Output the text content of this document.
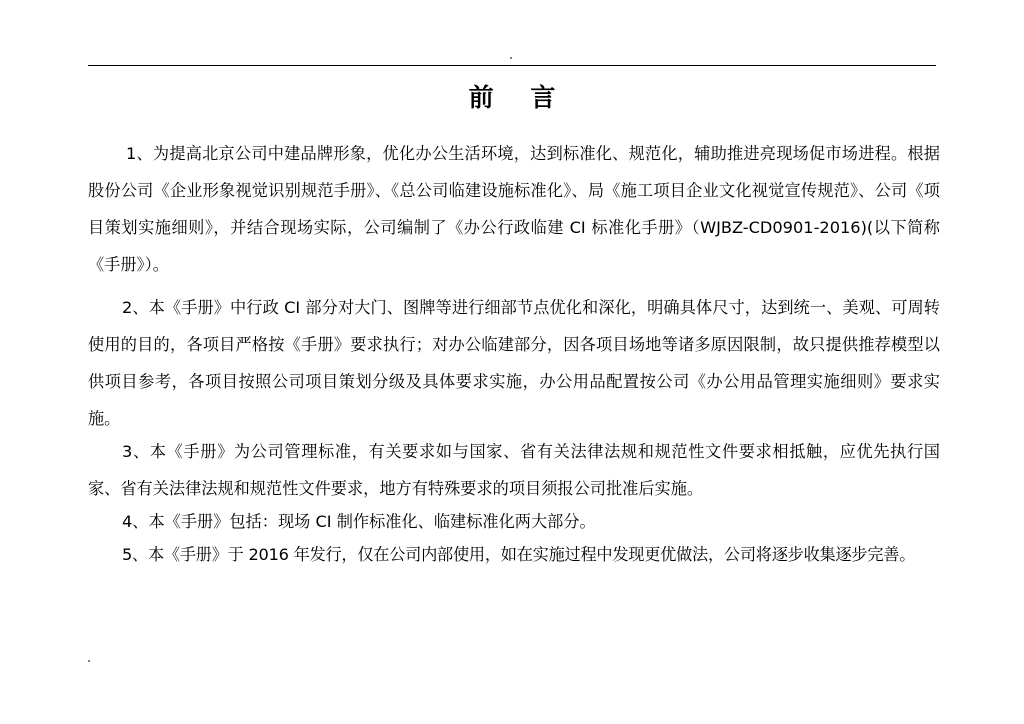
前 言

1、为提高北京公司中建品牌形象，优化办公生活环境，达到标准化、规范化，辅助推进亮现场促市场进程。根据股份公司《企业形象视觉识别规范手册》、《总公司临建设施标准化》、局《施工项目企业文化视觉宣传规范》、公司《项目策划实施细则》，并结合现场实际，公司编制了《办公行政临建 CI 标准化手册》（WJBZ-CD0901-2016)(以下简称《手册》）。

2、本《手册》中行政 CI 部分对大门、图牌等进行细部节点优化和深化，明确具体尺寸，达到统一、美观、可周转使用的目的，各项目严格按《手册》要求执行；对办公临建部分，因各项目场地等诸多原因限制，故只提供推荐模型以供项目参考，各项目按照公司项目策划分级及具体要求实施，办公用品配置按公司《办公用品管理实施细则》要求实施。

3、本《手册》为公司管理标准，有关要求如与国家、省有关法律法规和规范性文件要求相抵触，应优先执行国家、省有关法律法规和规范性文件要求，地方有特殊要求的项目须报公司批准后实施。

4、本《手册》包括：现场 CI 制作标准化、临建标准化两大部分。

5、本《手册》于 2016 年发行，仅在公司内部使用，如在实施过程中发现更优做法，公司将逐步收集逐步完善。
